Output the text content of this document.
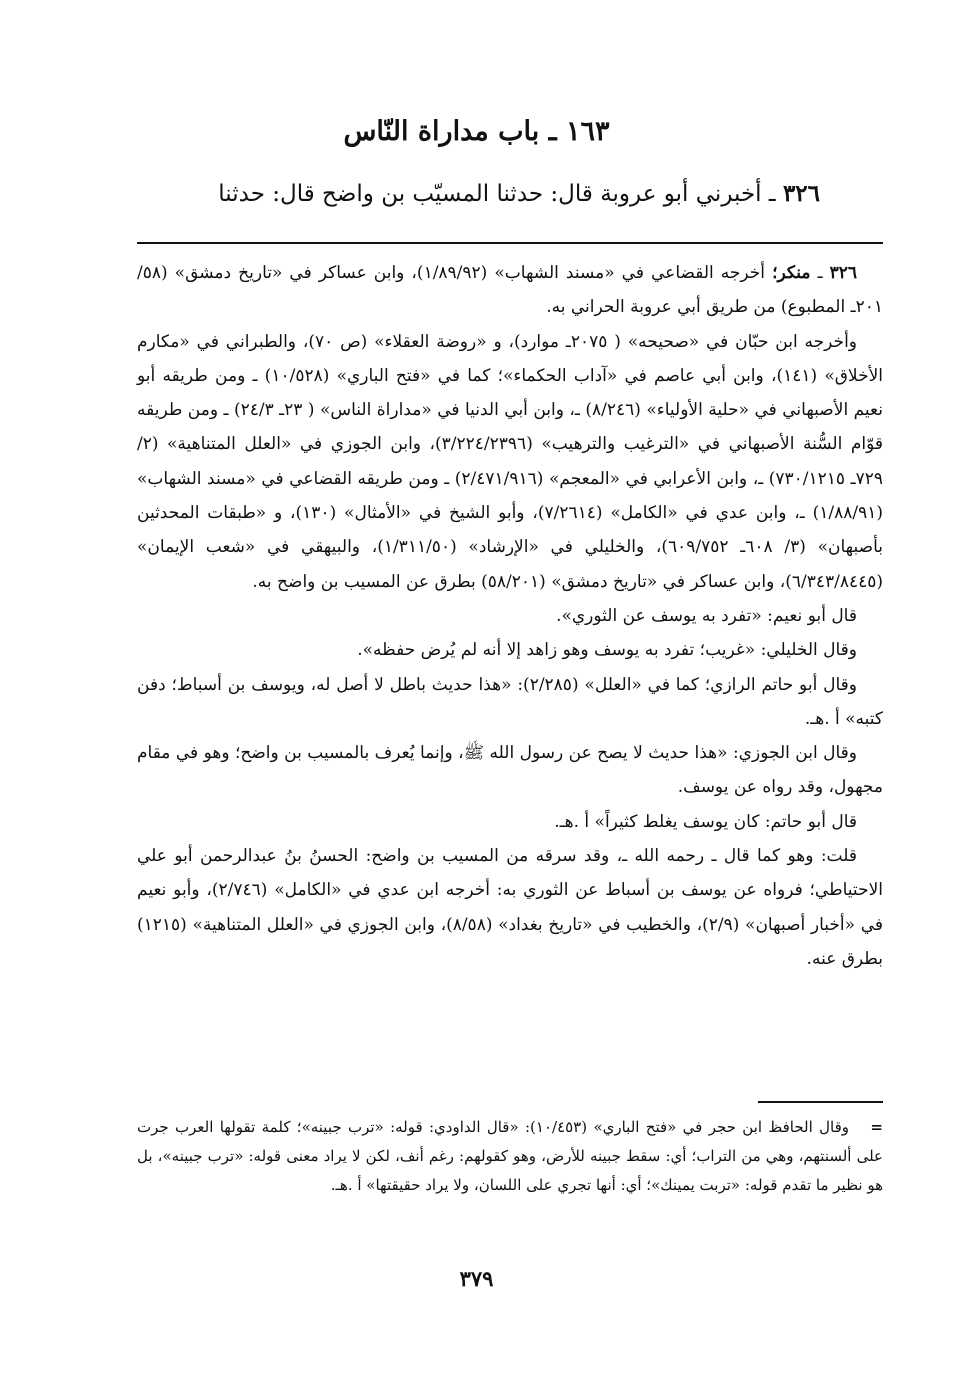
١٦٣ ـ باب مداراة النّاس
٣٢٦ ـ أخبرني أبو عروبة قال: حدثنا المسيّب بن واضح قال: حدثنا

٣٢٦ ـ منكر؛ أخرجه القضاعي في «مسند الشهاب» (١/٨٩/٩٢)، وابن عساكر في «تاريخ دمشق» (٥٨/ ٢٠١ـ المطبوع) من طريق أبي عروبة الحراني به.

وأخرجه ابن حبّان في «صحيحه» ( ٢٠٧٥ـ موارد)، و «روضة العقلاء» (ص ٧٠)، والطبراني في «مكارم الأخلاق» (١٤١)، وابن أبي عاصم في «آداب الحكماء»؛ كما في «فتح الباري» (١٠/٥٢٨) ـ ومن طريقه أبو نعيم الأصبهاني في «حلية الأولياء» (٨/٢٤٦) ـ، وابن أبي الدنيا في «مداراة الناس» ( ٢٣ـ ٢٤/٣) ـ ومن طريقه قوّام السُّنة الأصبهاني في «الترغيب والترهيب» (٣/٢٢٤/٢٣٩٦)، وابن الجوزي في «العلل المتناهية» (٢/ ٧٢٩ـ ٧٣٠/١٢١٥) ـ، وابن الأعرابي في «المعجم» (٢/٤٧١/٩١٦) ـ ومن طريقه القضاعي في «مسند الشهاب» (١/٨٨/٩١) ـ، وابن عدي في «الكامل» (٧/٢٦١٤)، وأبو الشيخ في «الأمثال» (١٣٠)، و «طبقات المحدثين بأصبهان» (٣/ ٦٠٨ـ ٦٠٩/٧٥٢)، والخليلي في «الإرشاد» (١/٣١١/٥٠)، والبيهقي في «شعب الإيمان» (٦/٣٤٣/٨٤٤٥)، وابن عساكر في «تاريخ دمشق» (٥٨/٢٠١) بطرق عن المسيب بن واضح به.

قال أبو نعيم: «تفرد به يوسف عن الثوري».

وقال الخليلي: «غريب؛ تفرد به يوسف وهو زاهد إلا أنه لم يُرض حفظه».

وقال أبو حاتم الرازي؛ كما في «العلل» (٢/٢٨٥): «هذا حديث باطل لا أصل له، ويوسف بن أسباط؛ دفن كتبه» أ .هـ.

وقال ابن الجوزي: «هذا حديث لا يصح عن رسول الله ﷺ، وإنما يُعرف بالمسيب بن واضح؛ وهو في مقام مجهول، وقد رواه عن يوسف.

قال أبو حاتم: كان يوسف يغلط كثيراً» أ .هـ.

قلت: وهو كما قال ـ رحمه الله ـ، وقد سرقه من المسيب بن واضح: الحسنُ بنُ عبدالرحمن أبو علي الاحتياطي؛ فرواه عن يوسف بن أسباط عن الثوري به: أخرجه ابن عدي في «الكامل» (٢/٧٤٦)، وأبو نعيم في «أخبار أصبهان» (٢/٩)، والخطيب في «تاريخ بغداد» (٨/٥٨)، وابن الجوزي في «العلل المتناهية» (١٢١٥) بطرق عنه.

=وقال الحافظ ابن حجر في «فتح الباري» (١٠/٤٥٣): «قال الداودي: قوله: «ترب جبينه»؛ كلمة تقولها العرب جرت على ألسنتهم، وهي من التراب؛ أي: سقط جبينه للأرض، وهو كقولهم: رغم أنف، لكن لا يراد معنى قوله: «ترب جبينه»، بل هو نظير ما تقدم قوله: «تربت يمينك»؛ أي: أنها تجري على اللسان، ولا يراد حقيقتها» أ .هـ.
٣٧٩
